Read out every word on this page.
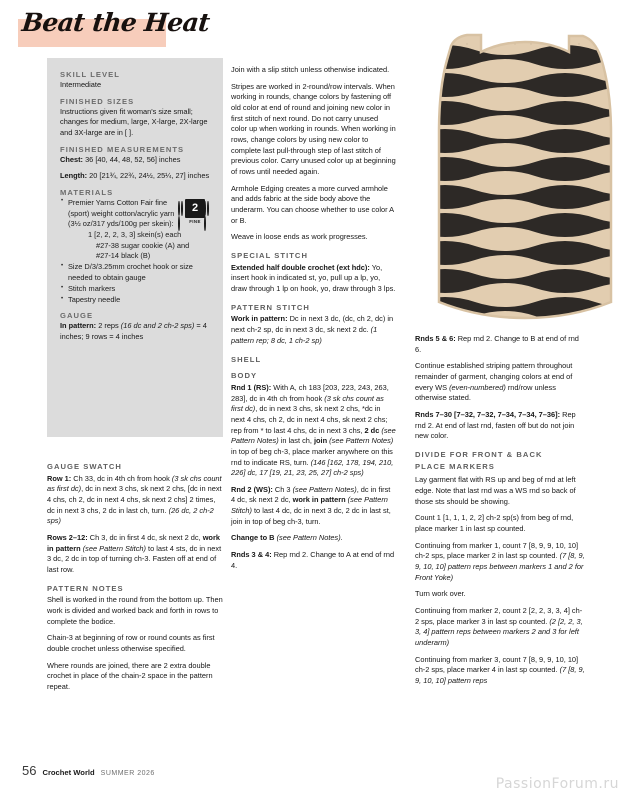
Beat the Heat
SKILL LEVEL

Intermediate

FINISHED SIZES

Instructions given fit woman's size small; changes for medium, large, X-large, 2X-large and 3X-large are in [ ].

FINISHED MEASUREMENTS

Chest: 36 [40, 44, 48, 52, 56] inches

Length: 20 [21¾, 22¾, 24½, 25¼, 27] inches

MATERIALS
2
FINE
• Premier Yarns Cotton Fair fine (sport) weight cotton/acrylic yarn (3½ oz/317 yds/100g per skein):
1 [2, 2, 2, 3, 3] skein(s) each
#27-38 sugar cookie (A) and
#27-14 black (B)
• Size D/3/3.25mm crochet hook or size needed to obtain gauge
• Stitch markers
• Tapestry needle
GAUGE

In pattern: 2 reps (16 dc and 2 ch-2 sps) = 4 inches; 9 rows = 4 inches

GAUGE SWATCH

Row 1: Ch 33, dc in 4th ch from hook (3 sk chs count as first dc), dc in next 3 chs, sk next 2 chs, [dc in next 4 chs, ch 2, dc in next 4 chs, sk next 2 chs] 2 times, dc in next 3 chs, 2 dc in last ch, turn. (26 dc, 2 ch-2 sps)

Rows 2–12: Ch 3, dc in first 4 dc, sk next 2 dc, work in pattern (see Pattern Stitch) to last 4 sts, dc in next 3 dc, 2 dc in top of turning ch-3. Fasten off at end of last row.

PATTERN NOTES

Shell is worked in the round from the bottom up. Then work is divided and worked back and forth in rows to complete the bodice.

Chain-3 at beginning of row or round counts as first double crochet unless otherwise specified.

Where rounds are joined, there are 2 extra double crochet in place of the chain-2 space in the pattern repeat.

Join with a slip stitch unless otherwise indicated.

Stripes are worked in 2-round/row intervals. When working in rounds, change colors by fastening off old color at end of round and joining new color in first stitch of next round. Do not carry unused color up when working in rounds. When working in rows, change colors by using new color to complete last pull-through step of last stitch of previous color. Carry unused color up at beginning of rows until needed again.

Armhole Edging creates a more curved armhole and adds fabric at the side body above the underarm. You can choose whether to use color A or B.

Weave in loose ends as work progresses.

SPECIAL STITCH

Extended half double crochet (ext hdc): Yo, insert hook in indicated st, yo, pull up a lp, yo, draw through 1 lp on hook, yo, draw through 3 lps.

PATTERN STITCH

Work in pattern: Dc in next 3 dc, (dc, ch 2, dc) in next ch-2 sp, dc in next 3 dc, sk next 2 dc. (1 pattern rep; 8 dc, 1 ch-2 sp)

SHELL
BODY

Rnd 1 (RS): With A, ch 183 [203, 223, 243, 263, 283], dc in 4th ch from hook (3 sk chs count as first dc), dc in next 3 chs, sk next 2 chs, *dc in next 4 chs, ch 2, dc in next 4 chs, sk next 2 chs; rep from * to last 4 chs, dc in next 3 chs, 2 dc (see Pattern Notes) in last ch, join (see Pattern Notes) in top of beg ch-3, place marker anywhere on this rnd to indicate RS, turn. (146 [162, 178, 194, 210, 226] dc, 17 [19, 21, 23, 25, 27] ch-2 sps)

Rnd 2 (WS): Ch 3 (see Pattern Notes), dc in first 4 dc, sk next 2 dc, work in pattern (see Pattern Stitch) to last 4 dc, dc in next 3 dc, 2 dc in last st, join in top of beg ch-3, turn.

Change to B (see Pattern Notes).

Rnds 3 & 4: Rep rnd 2. Change to A at end of rnd 4.

Rnds 5 & 6: Rep rnd 2. Change to B at end of rnd 6.

Continue established striping pattern throughout remainder of garment, changing colors at end of every WS (even-numbered) rnd/row unless otherwise stated.

Rnds 7–30 [7–32, 7–32, 7–34, 7–34, 7–36]: Rep rnd 2. At end of last rnd, fasten off but do not join new color.

DIVIDE FOR FRONT & BACK
PLACE MARKERS

Lay garment flat with RS up and beg of rnd at left edge. Note that last rnd was a WS rnd so back of those sts should be showing.

Count 1 [1, 1, 1, 2, 2] ch-2 sp(s) from beg of rnd, place marker 1 in last sp counted.

Continuing from marker 1, count 7 [8, 9, 9, 10, 10] ch-2 sps, place marker 2 in last sp counted. (7 [8, 9, 9, 10, 10] pattern reps between markers 1 and 2 for Front Yoke)

Turn work over.

Continuing from marker 2, count 2 [2, 2, 3, 3, 4] ch-2 sps, place marker 3 in last sp counted. (2 [2, 2, 3, 3, 4] pattern reps between markers 2 and 3 for left underarm)

Continuing from marker 3, count 7 [8, 9, 9, 10, 10] ch-2 sps, place marker 4 in last sp counted. (7 [8, 9, 9, 10, 10] pattern reps

56 Crochet World SUMMER 2026
PassionForum.ru
